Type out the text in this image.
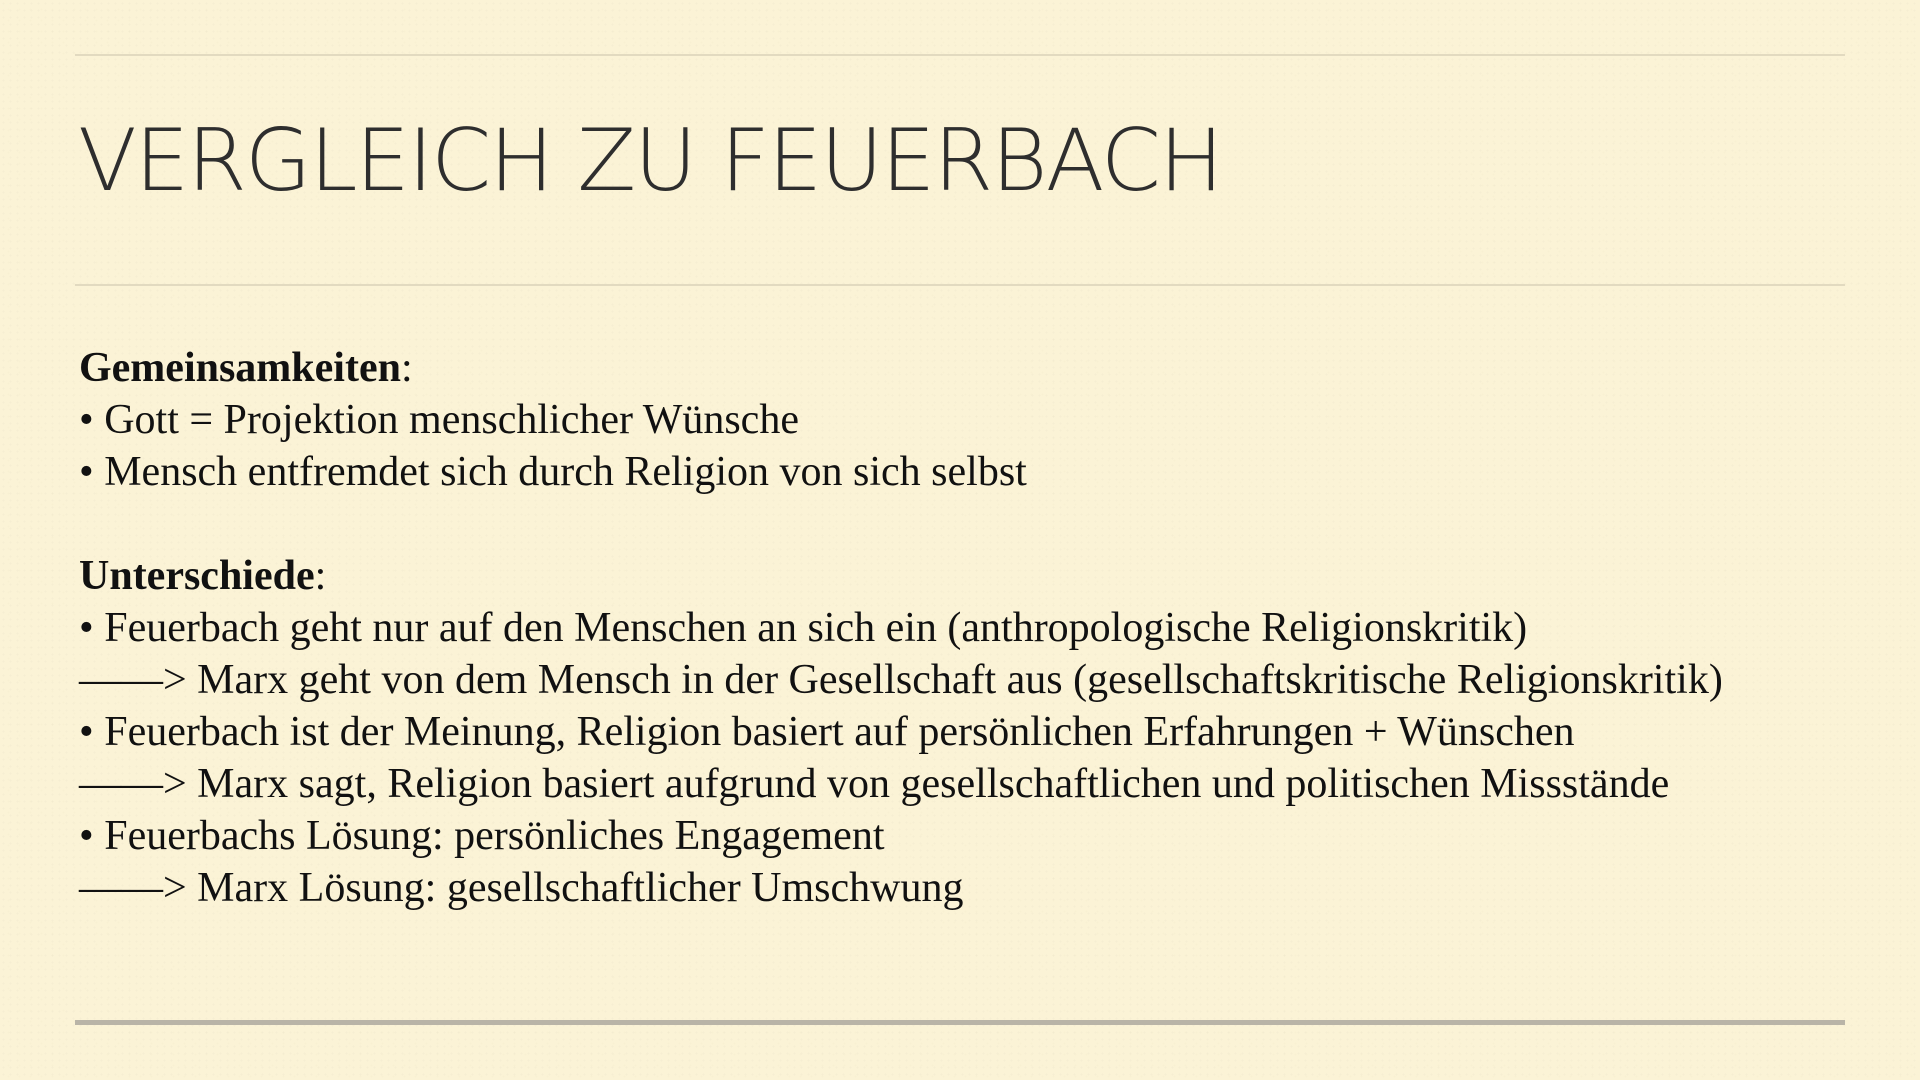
VERGLEICH ZU FEUERBACH
Gemeinsamkeiten:
• Gott = Projektion menschlicher Wünsche
• Mensch entfremdet sich durch Religion von sich selbst
Unterschiede:
• Feuerbach geht nur auf den Menschen an sich ein (anthropologische Religionskritik)
——> Marx geht von dem Mensch in der Gesellschaft aus (gesellschaftskritische Religionskritik)
• Feuerbach ist der Meinung, Religion basiert auf persönlichen Erfahrungen + Wünschen
——> Marx sagt, Religion basiert aufgrund von gesellschaftlichen und politischen Missstände
• Feuerbachs Lösung: persönliches Engagement
——> Marx Lösung: gesellschaftlicher Umschwung
